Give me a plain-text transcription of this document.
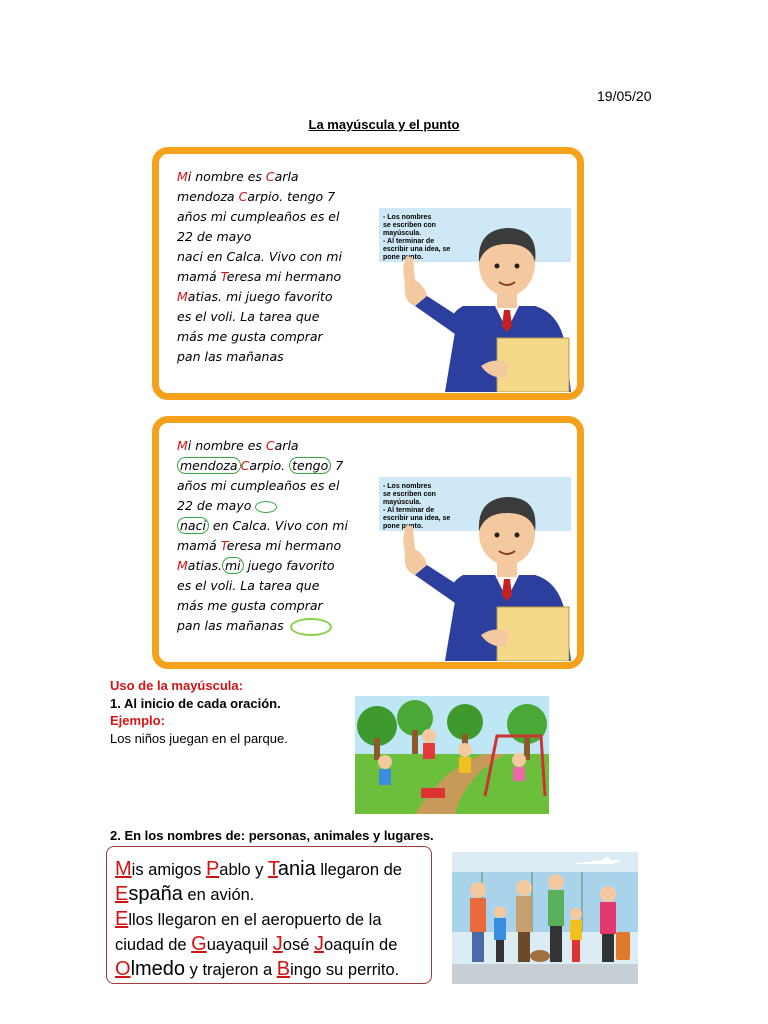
19/05/20
La mayúscula y el punto
Mi nombre es Carla
mendoza Carpio. tengo 7
años mi cumpleaños es el
22 de mayo
naci en Calca. Vivo con mi
mamá Teresa mi hermano
Matias. mi juego favorito
es el voli. La tarea que
más me gusta comprar
pan las mañanas
- Los nombres
se escriben con
mayúscula.
- Al terminar de
escribir una idea, se
pone punto.
Mi nombre es Carla
mendoza Carpio. tengo 7
años mi cumpleaños es el
22 de mayo
naci en Calca. Vivo con mi
mamá Teresa mi hermano
Matias. mi juego favorito
es el voli. La tarea que
más me gusta comprar
pan las mañanas
- Los nombres
se escriben con
mayúscula.
- Al terminar de
escribir una idea, se
pone punto.
Uso de la mayúscula:
1. Al inicio de cada oración.
Ejemplo:
Los niños juegan en el parque.
2. En los nombres de: personas, animales y lugares.
Mis amigos Pablo y Tania llegaron de
España en avión.
Ellos llegaron en el aeropuerto de la
ciudad de Guayaquil José Joaquín de
Olmedo y trajeron a Bingo su perrito.
